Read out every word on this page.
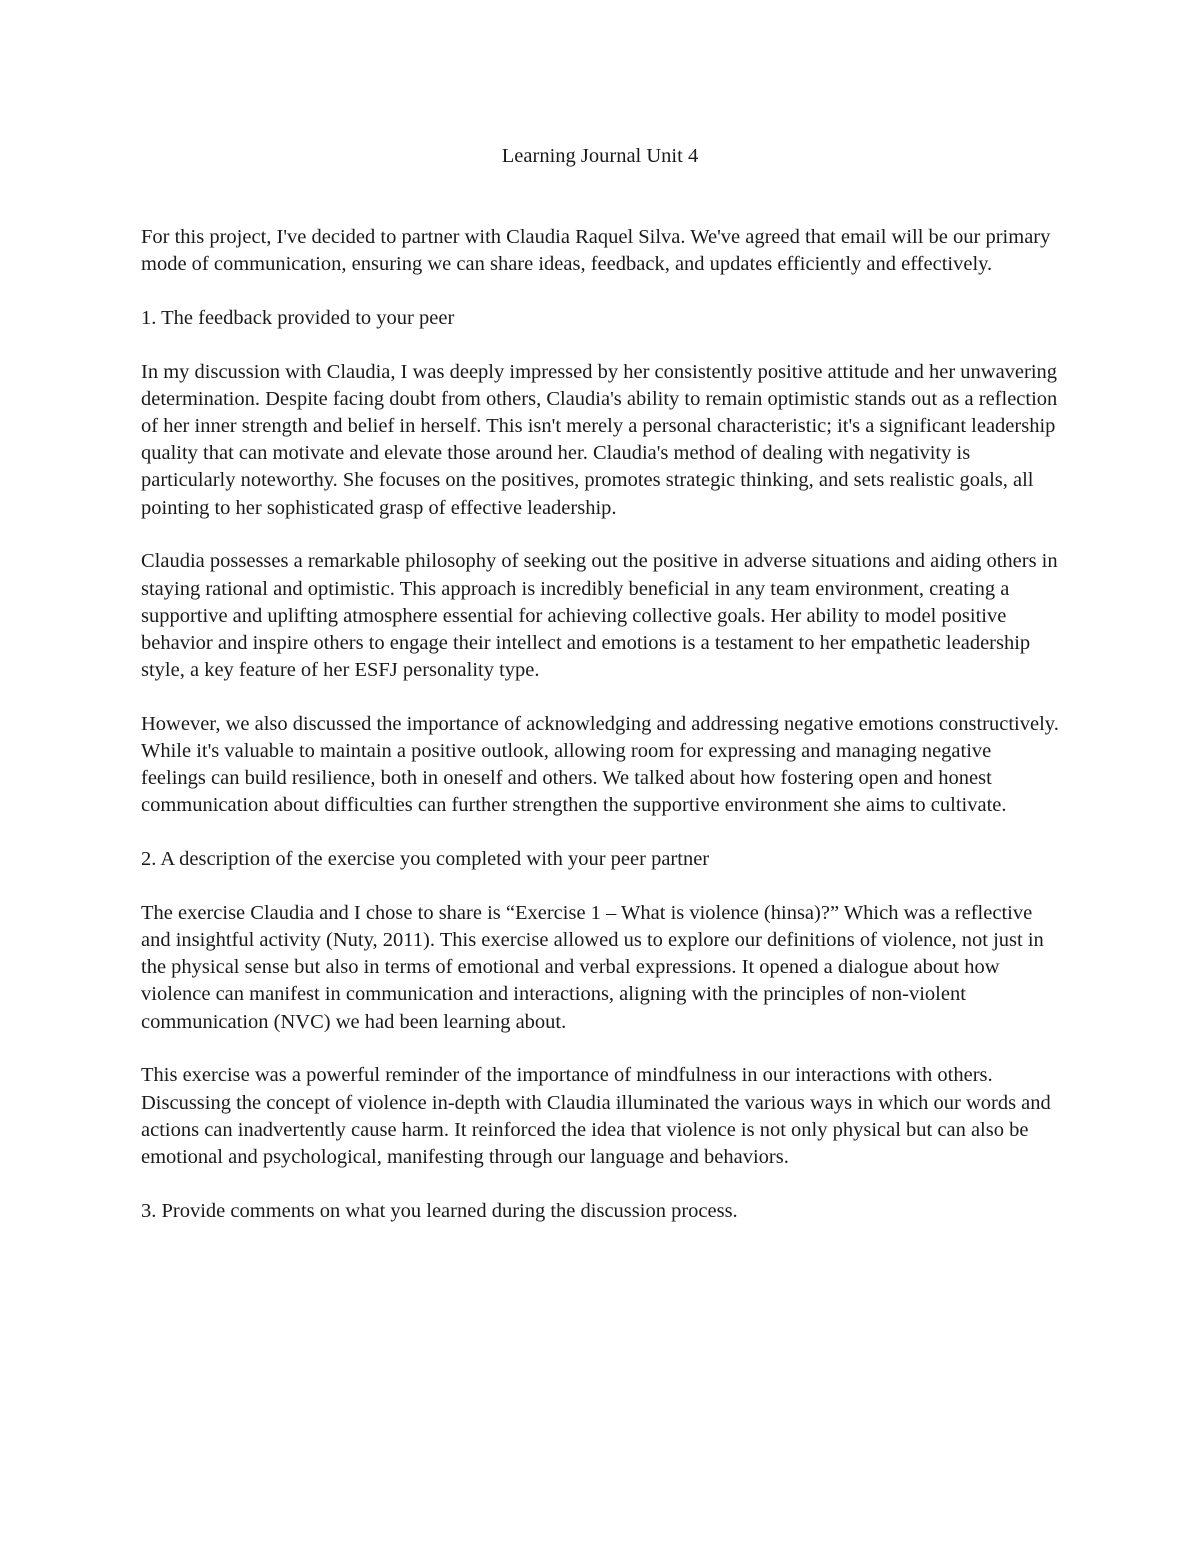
Learning Journal Unit 4

For this project, I've decided to partner with Claudia Raquel Silva. We've agreed that email will be our primary mode of communication, ensuring we can share ideas, feedback, and updates efficiently and effectively.

1. The feedback provided to your peer

In my discussion with Claudia, I was deeply impressed by her consistently positive attitude and her unwavering determination. Despite facing doubt from others, Claudia's ability to remain optimistic stands out as a reflection of her inner strength and belief in herself. This isn't merely a personal characteristic; it's a significant leadership quality that can motivate and elevate those around her. Claudia's method of dealing with negativity is particularly noteworthy. She focuses on the positives, promotes strategic thinking, and sets realistic goals, all pointing to her sophisticated grasp of effective leadership.

Claudia possesses a remarkable philosophy of seeking out the positive in adverse situations and aiding others in staying rational and optimistic. This approach is incredibly beneficial in any team environment, creating a supportive and uplifting atmosphere essential for achieving collective goals. Her ability to model positive behavior and inspire others to engage their intellect and emotions is a testament to her empathetic leadership style, a key feature of her ESFJ personality type.

However, we also discussed the importance of acknowledging and addressing negative emotions constructively. While it's valuable to maintain a positive outlook, allowing room for expressing and managing negative feelings can build resilience, both in oneself and others. We talked about how fostering open and honest communication about difficulties can further strengthen the supportive environment she aims to cultivate.

2. A description of the exercise you completed with your peer partner

The exercise Claudia and I chose to share is “Exercise 1 – What is violence (hinsa)?” Which was a reflective and insightful activity (Nuty, 2011). This exercise allowed us to explore our definitions of violence, not just in the physical sense but also in terms of emotional and verbal expressions. It opened a dialogue about how violence can manifest in communication and interactions, aligning with the principles of non-violent communication (NVC) we had been learning about.

This exercise was a powerful reminder of the importance of mindfulness in our interactions with others. Discussing the concept of violence in-depth with Claudia illuminated the various ways in which our words and actions can inadvertently cause harm. It reinforced the idea that violence is not only physical but can also be emotional and psychological, manifesting through our language and behaviors.

3. Provide comments on what you learned during the discussion process.
